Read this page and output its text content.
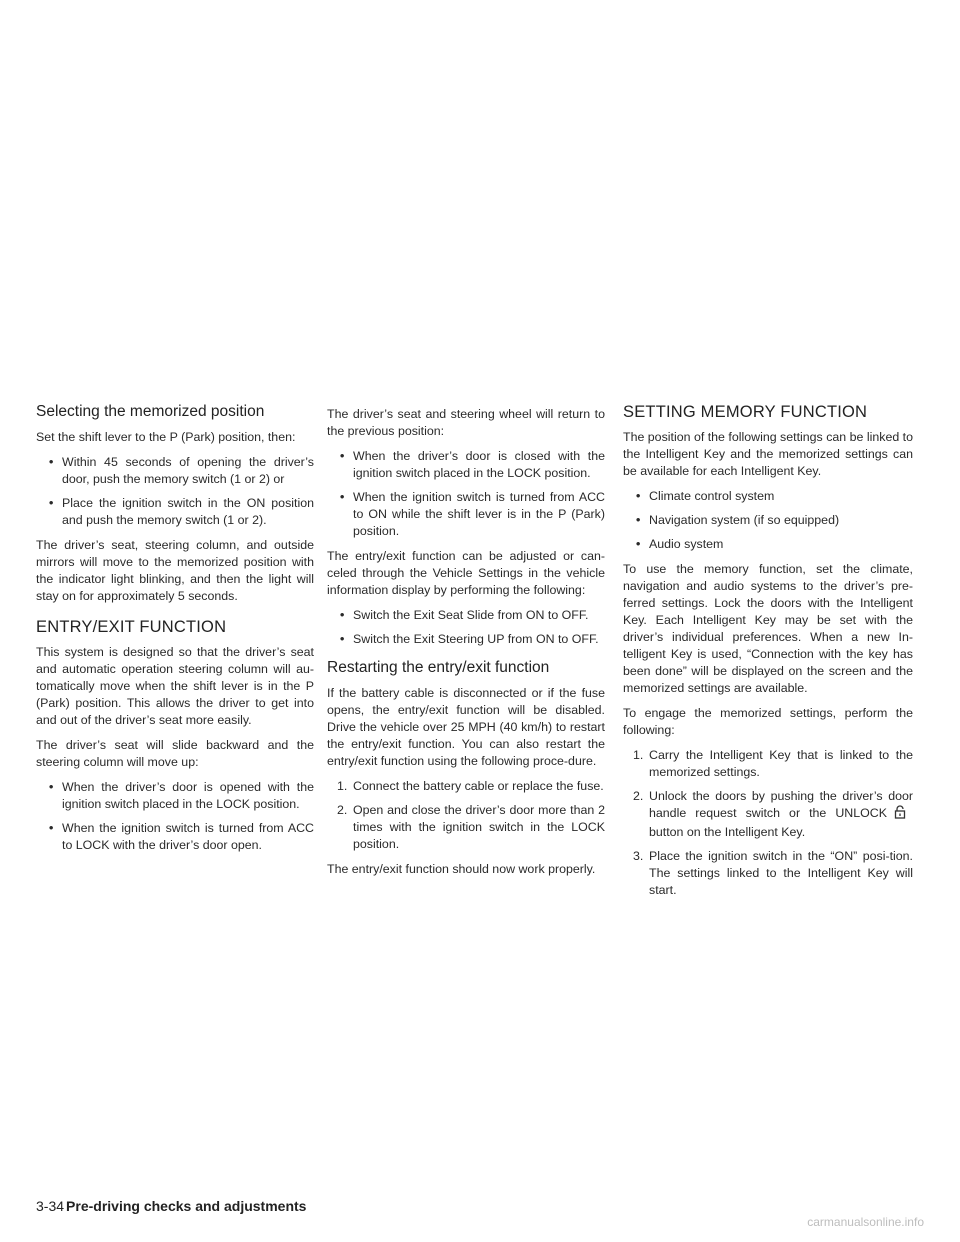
Selecting the memorized position

Set the shift lever to the P (Park) position, then:

• Within 45 seconds of opening the driver’s door, push the memory switch (1 or 2) or
• Place the ignition switch in the ON position and push the memory switch (1 or 2).

The driver’s seat, steering column, and outside mirrors will move to the memorized position with the indicator light blinking, and then the light will stay on for approximately 5 seconds.

ENTRY/EXIT FUNCTION

This system is designed so that the driver’s seat and automatic operation steering column will au-tomatically move when the shift lever is in the P (Park) position. This allows the driver to get into and out of the driver’s seat more easily.

The driver’s seat will slide backward and the steering column will move up:

• When the driver’s door is opened with the ignition switch placed in the LOCK position.
• When the ignition switch is turned from ACC to LOCK with the driver’s door open.

The driver’s seat and steering wheel will return to the previous position:

• When the driver’s door is closed with the ignition switch placed in the LOCK position.
• When the ignition switch is turned from ACC to ON while the shift lever is in the P (Park) position.

The entry/exit function can be adjusted or can-celed through the Vehicle Settings in the vehicle information display by performing the following:

• Switch the Exit Seat Slide from ON to OFF.
• Switch the Exit Steering UP from ON to OFF.
Restarting the entry/exit function

If the battery cable is disconnected or if the fuse opens, the entry/exit function will be disabled. Drive the vehicle over 25 MPH (40 km/h) to restart the entry/exit function. You can also restart the entry/exit function using the following proce-dure.

1. Connect the battery cable or replace the fuse.
2. Open and close the driver’s door more than 2 times with the ignition switch in the LOCK position.

The entry/exit function should now work properly.

SETTING MEMORY FUNCTION

The position of the following settings can be linked to the Intelligent Key and the memorized settings can be available for each Intelligent Key.

• Climate control system
• Navigation system (if so equipped)
• Audio system

To use the memory function, set the climate, navigation and audio systems to the driver’s pre-ferred settings. Lock the doors with the Intelligent Key. Each Intelligent Key may be set with the driver’s individual preferences. When a new In-telligent Key is used, “Connection with the key has been done” will be displayed on the screen and the memorized settings are available.

To engage the memorized settings, perform the following:

1. Carry the Intelligent Key that is linked to the memorized settings.
2. Unlock the doors by pushing the driver’s door handle request switch or the UNLOCKbutton on the Intelligent Key.
3. Place the ignition switch in the “ON” posi-tion. The settings linked to the Intelligent Key will start.
3-34 Pre-driving checks and adjustments
carmanualsonline.info
